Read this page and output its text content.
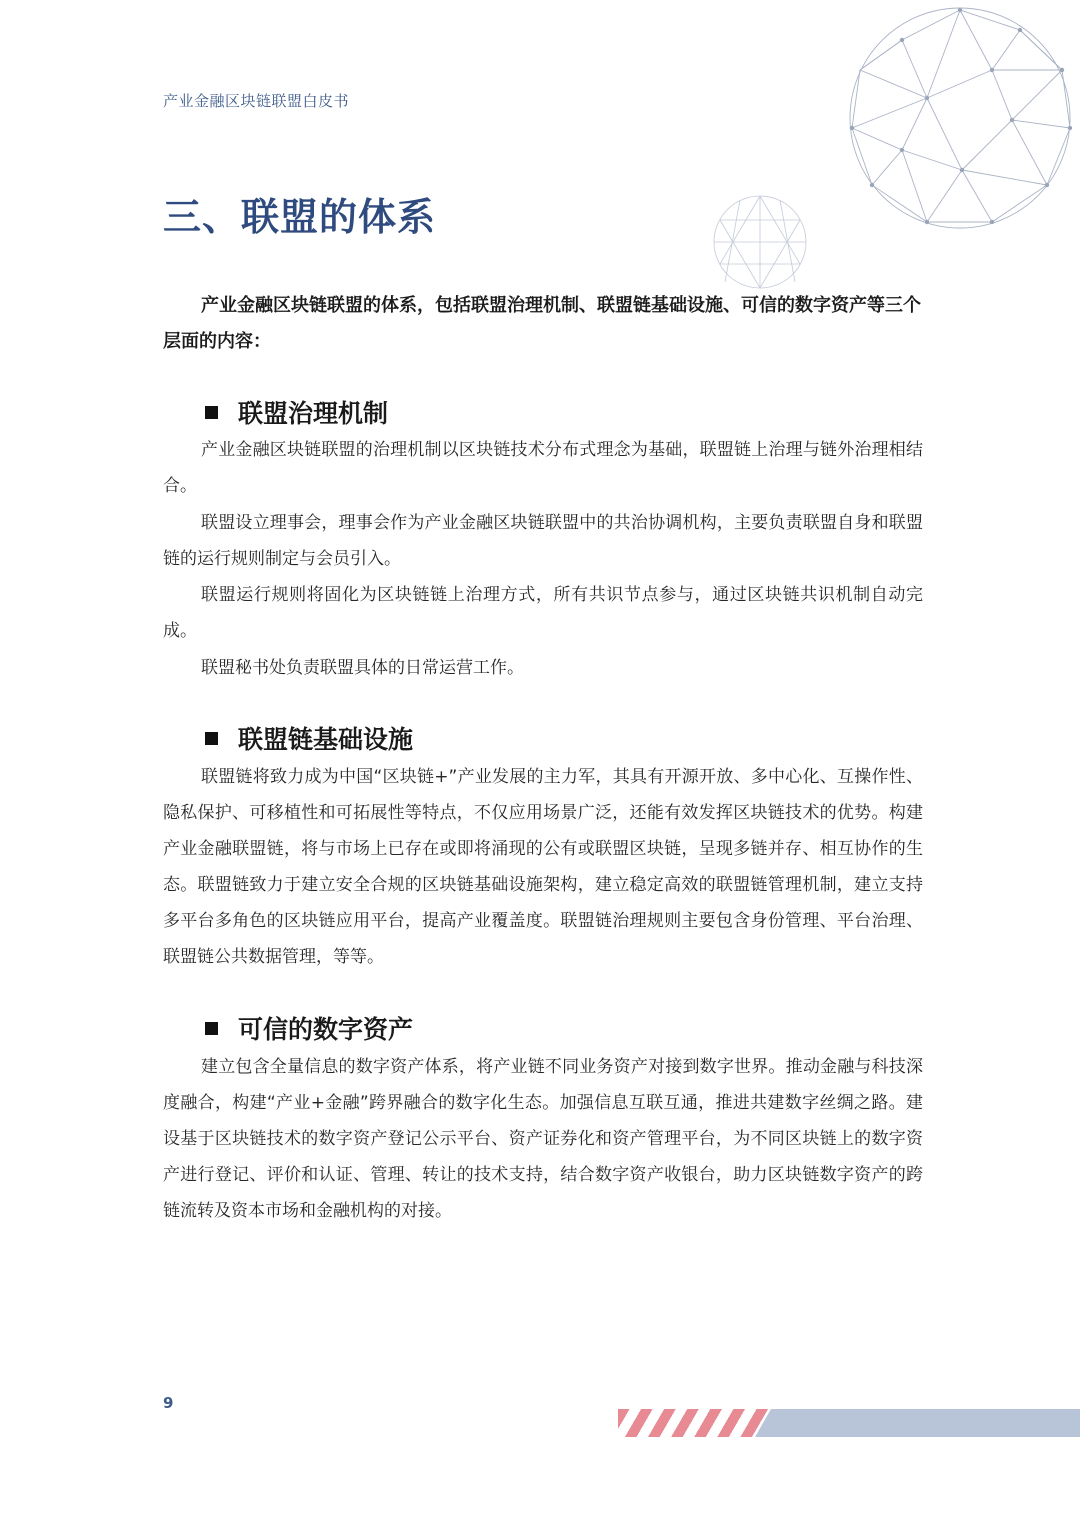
产业金融区块链联盟白皮书
三、联盟的体系

产业金融区块链联盟的体系，包括联盟治理机制、联盟链基础设施、可信的数字资产等三个层面的内容：

联盟治理机制

产业金融区块链联盟的治理机制以区块链技术分布式理念为基础，联盟链上治理与链外治理相结合。

联盟设立理事会，理事会作为产业金融区块链联盟中的共治协调机构，主要负责联盟自身和联盟链的运行规则制定与会员引入。

联盟运行规则将固化为区块链链上治理方式，所有共识节点参与，通过区块链共识机制自动完成。

联盟秘书处负责联盟具体的日常运营工作。

联盟链基础设施

联盟链将致力成为中国“区块链+”产业发展的主力军，其具有开源开放、多中心化、互操作性、隐私保护、可移植性和可拓展性等特点，不仅应用场景广泛，还能有效发挥区块链技术的优势。构建产业金融联盟链，将与市场上已存在或即将涌现的公有或联盟区块链，呈现多链并存、相互协作的生态。联盟链致力于建立安全合规的区块链基础设施架构，建立稳定高效的联盟链管理机制，建立支持多平台多角色的区块链应用平台，提高产业覆盖度。联盟链治理规则主要包含身份管理、平台治理、联盟链公共数据管理，等等。

可信的数字资产

建立包含全量信息的数字资产体系，将产业链不同业务资产对接到数字世界。推动金融与科技深度融合，构建“产业+金融”跨界融合的数字化生态。加强信息互联互通，推进共建数字丝绸之路。建设基于区块链技术的数字资产登记公示平台、资产证券化和资产管理平台，为不同区块链上的数字资产进行登记、评价和认证、管理、转让的技术支持，结合数字资产收银台，助力区块链数字资产的跨链流转及资本市场和金融机构的对接。

9
